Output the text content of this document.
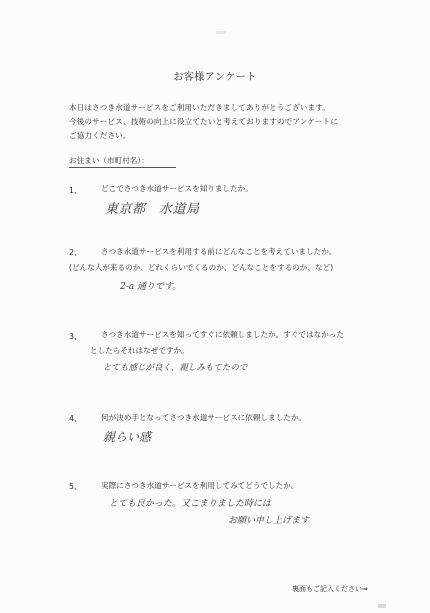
お客様アンケート
本日はさつき水道サービスをご利用いただきましてありがとうございます。
今後のサービス、技術の向上に役立てたいと考えておりますのでアンケートに
ご協力ください。
お住まい（市町村名）：
1、	どこでさつき水道サービスを知りましたか。
東京都　水道局
2、	さつき水道サービスを利用する前にどんなことを考えていましたか。
(どんな人が来るのか、どれくらいでくるのか、どんなことをするのか、など)
2-a 通りです。
3、	さつき水道サービスを知ってすぐに依頼しましたか。すぐではなかった
としたらそれはなぜですか。
とても感じが良く、親しみもてたので
4、	何が決め手となってさつき水道サービスに依頼しましたか。
親らい感
5、	実際にさつき水道サービスを利用してみてどうでしたか。
とても良かった。又こまりました時には
お願い申し上げます
裏面もご記入ください⇒
